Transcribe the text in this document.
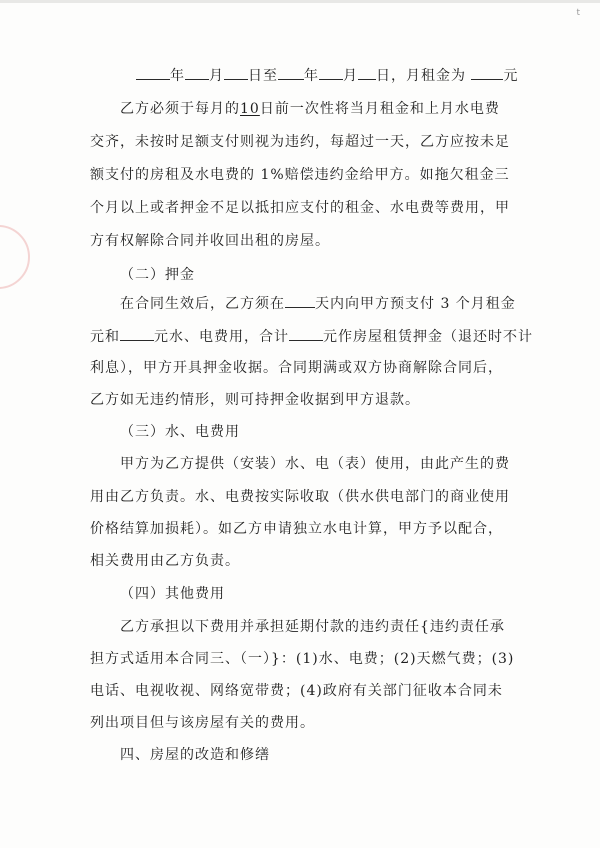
t
年 月 日至 年 月 日，月租金为	元
乙方必须于每月的10日前一次性将当月租金和上月水电费
交齐，未按时足额支付则视为违约，每超过一天，乙方应按未足
额支付的房租及水电费的 1%赔偿违约金给甲方。如拖欠租金三
个月以上或者押金不足以抵扣应支付的租金、水电费等费用，甲
方有权解除合同并收回出租的房屋。
（二）押金
在合同生效后，乙方须在 天内向甲方预支付 3 个月租金
元和 元水、电费用，合计 元作房屋租赁押金（退还时不计
利息），甲方开具押金收据。合同期满或双方协商解除合同后，
乙方如无违约情形，则可持押金收据到甲方退款。
（三）水、电费用
甲方为乙方提供（安装）水、电（表）使用，由此产生的费
用由乙方负责。水、电费按实际收取（供水供电部门的商业使用
价格结算加损耗）。如乙方申请独立水电计算，甲方予以配合，
相关费用由乙方负责。
（四）其他费用
乙方承担以下费用并承担延期付款的违约责任{违约责任承
担方式适用本合同三、（一）}：(1)水、电费；(2)天燃气费；(3)
电话、电视收视、网络宽带费；(4)政府有关部门征收本合同未
列出项目但与该房屋有关的费用。
四、房屋的改造和修缮
